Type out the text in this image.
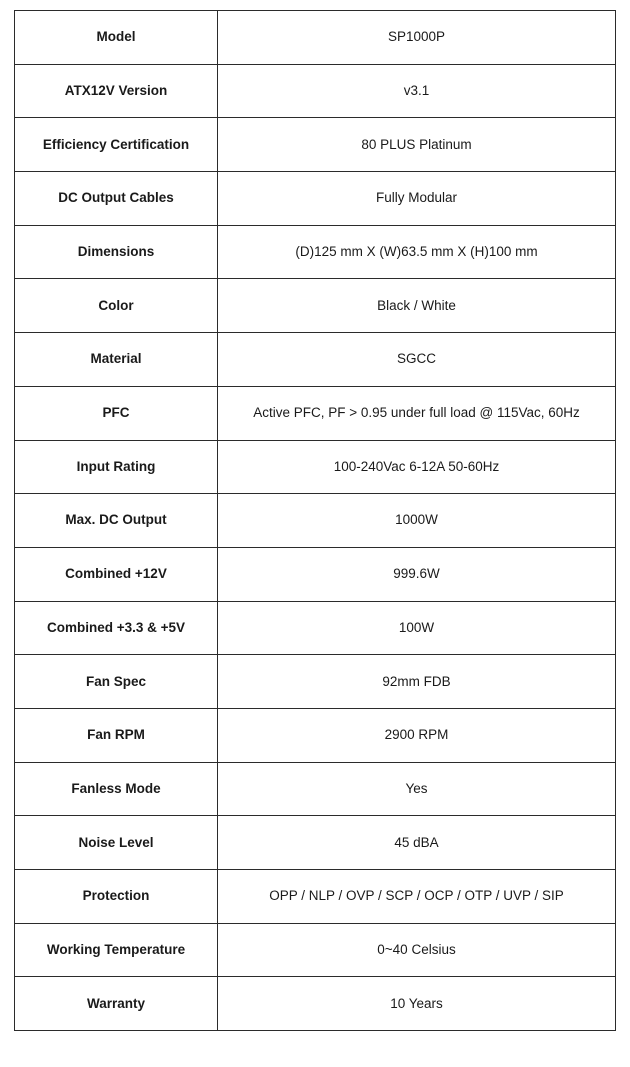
Model	SP1000P
ATX12V Version	v3.1
Efficiency Certification	80 PLUS Platinum
DC Output Cables	Fully Modular
Dimensions	(D)125 mm X (W)63.5 mm X (H)100 mm
Color	Black / White
Material	SGCC
PFC	Active PFC, PF > 0.95 under full load @ 115Vac, 60Hz
Input Rating	100-240Vac 6-12A 50-60Hz
Max. DC Output	1000W
Combined +12V	999.6W
Combined +3.3 & +5V	100W
Fan Spec	92mm FDB
Fan RPM	2900 RPM
Fanless Mode	Yes
Noise Level	45 dBA
Protection	OPP / NLP / OVP / SCP / OCP / OTP / UVP / SIP
Working Temperature	0~40 Celsius
Warranty	10 Years
